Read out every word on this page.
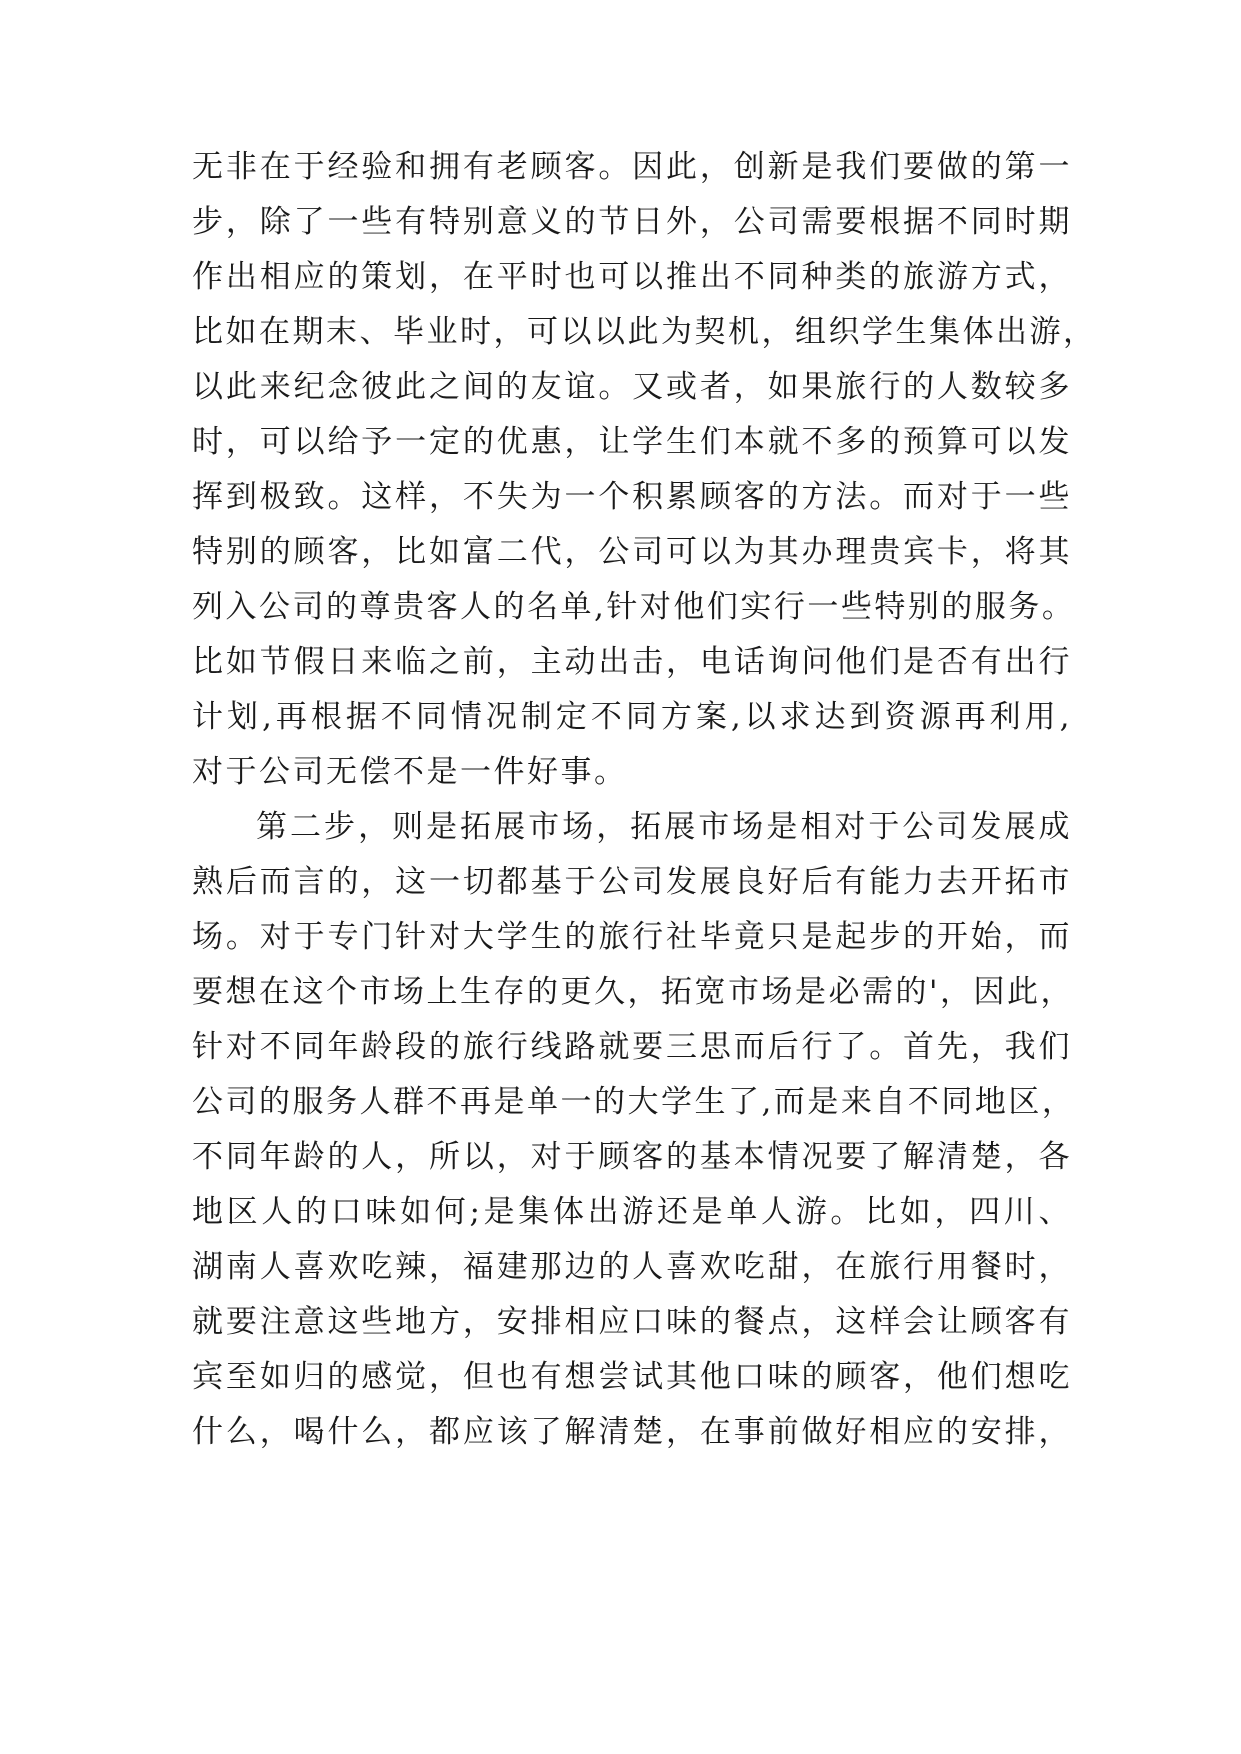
无非在于经验和拥有老顾客。因此，创新是我们要做的第一
步，除了一些有特别意义的节日外，公司需要根据不同时期
作出相应的策划，在平时也可以推出不同种类的旅游方式，
比如在期末、毕业时，可以以此为契机，组织学生集体出游，
以此来纪念彼此之间的友谊。又或者，如果旅行的人数较多
时，可以给予一定的优惠，让学生们本就不多的预算可以发
挥到极致。这样，不失为一个积累顾客的方法。而对于一些
特别的顾客，比如富二代，公司可以为其办理贵宾卡，将其
列入公司的尊贵客人的名单,针对他们实行一些特别的服务。
比如节假日来临之前，主动出击，电话询问他们是否有出行
计划,再根据不同情况制定不同方案,以求达到资源再利用,
对于公司无偿不是一件好事。
第二步，则是拓展市场，拓展市场是相对于公司发展成
熟后而言的，这一切都基于公司发展良好后有能力去开拓市
场。对于专门针对大学生的旅行社毕竟只是起步的开始，而
要想在这个市场上生存的更久，拓宽市场是必需的'，因此，
针对不同年龄段的旅行线路就要三思而后行了。首先，我们
公司的服务人群不再是单一的大学生了,而是来自不同地区，
不同年龄的人，所以，对于顾客的基本情况要了解清楚，各
地区人的口味如何;是集体出游还是单人游。比如，四川、
湖南人喜欢吃辣，福建那边的人喜欢吃甜，在旅行用餐时，
就要注意这些地方，安排相应口味的餐点，这样会让顾客有
宾至如归的感觉，但也有想尝试其他口味的顾客，他们想吃
什么，喝什么，都应该了解清楚，在事前做好相应的安排，
